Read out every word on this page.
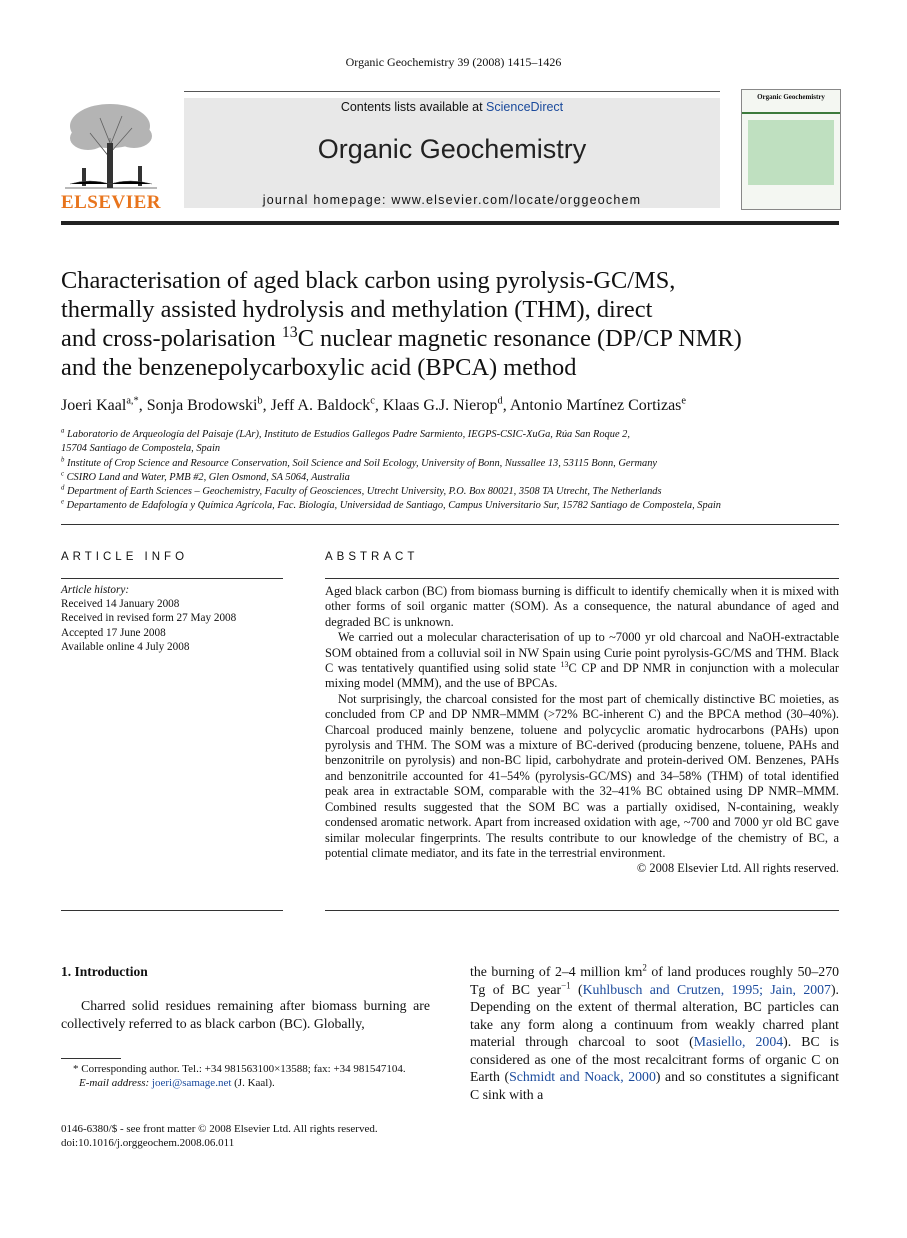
Organic Geochemistry 39 (2008) 1415–1426
ELSEVIER
Contents lists available at ScienceDirect
Organic Geochemistry
journal homepage: www.elsevier.com/locate/orggeochem
Organic Geochemistry
Characterisation of aged black carbon using pyrolysis-GC/MS,
thermally assisted hydrolysis and methylation (THM), direct
and cross-polarisation $^{13}$C nuclear magnetic resonance (DP/CP NMR)
and the benzenepolycarboxylic acid (BPCA) method
Joeri Kaal$^{a,*}$, Sonja Brodowski$^b$, Jeff A. Baldock$^c$, Klaas G.J. Nierop$^d$, Antonio Martínez Cortizas$^e$
$^a$ Laboratorio de Arqueología del Paisaje (LAr), Instituto de Estudios Gallegos Padre Sarmiento, IEGPS-CSIC-XuGa, Rúa San Roque 2,
15704 Santiago de Compostela, Spain
$^b$ Institute of Crop Science and Resource Conservation, Soil Science and Soil Ecology, University of Bonn, Nussallee 13, 53115 Bonn, Germany
$^c$ CSIRO Land and Water, PMB #2, Glen Osmond, SA 5064, Australia
$^d$ Department of Earth Sciences – Geochemistry, Faculty of Geosciences, Utrecht University, P.O. Box 80021, 3508 TA Utrecht, The Netherlands
$^e$ Departamento de Edafología y Química Agrícola, Fac. Biología, Universidad de Santiago, Campus Universitario Sur, 15782 Santiago de Compostela, Spain
ARTICLE INFO	ABSTRACT
Article history:
Received 14 January 2008
Received in revised form 27 May 2008
Accepted 17 June 2008
Available online 4 July 2008

Aged black carbon (BC) from biomass burning is difficult to identify chemically when it is mixed with other forms of soil organic matter (SOM). As a consequence, the natural abundance of aged and degraded BC is unknown.

We carried out a molecular characterisation of up to ~7000 yr old charcoal and NaOH-extractable SOM obtained from a colluvial soil in NW Spain using Curie point pyrolysis-GC/MS and THM. Black C was tentatively quantified using solid state $^{13}$C CP and DP NMR in conjunction with a molecular mixing model (MMM), and the use of BPCAs.

Not surprisingly, the charcoal consisted for the most part of chemically distinctive BC moieties, as concluded from CP and DP NMR–MMM (>72% BC-inherent C) and the BPCA method (30–40%). Charcoal produced mainly benzene, toluene and polycyclic aromatic hydrocarbons (PAHs) upon pyrolysis and THM. The SOM was a mixture of BC-derived (producing benzene, toluene, PAHs and benzonitrile on pyrolysis) and non-BC lipid, carbohydrate and protein-derived OM. Benzenes, PAHs and benzonitrile accounted for 41–54% (pyrolysis-GC/MS) and 34–58% (THM) of total identified peak area in extractable SOM, comparable with the 32–41% BC obtained using DP NMR–MMM. Combined results suggested that the SOM BC was a partially oxidised, N-containing, weakly condensed aromatic network. Apart from increased oxidation with age, ~700 and 7000 yr old BC gave similar molecular fingerprints. The results contribute to our knowledge of the chemistry of BC, a potential climate mediator, and its fate in the terrestrial environment.

© 2008 Elsevier Ltd. All rights reserved.
1. Introduction
Charred solid residues remaining after biomass burning are collectively referred to as black carbon (BC). Globally,
the burning of 2–4 million $km^2$ of land produces roughly 50–270 Tg of BC year$^{-1}$ (Kuhlbusch and Crutzen, 1995; Jain, 2007). Depending on the extent of thermal alteration, BC particles can take any form along a continuum from weakly charred plant material through charcoal to soot (Masiello, 2004). BC is considered as one of the most recalcitrant forms of organic C on Earth (Schmidt and Noack, 2000) and so constitutes a significant C sink with a
* Corresponding author. Tel.: +34 981563100×13588; fax: +34 981547104.
E-mail address: joeri@samage.net (J. Kaal).
0146-6380/$ - see front matter © 2008 Elsevier Ltd. All rights reserved.
doi:10.1016/j.orggeochem.2008.06.011
